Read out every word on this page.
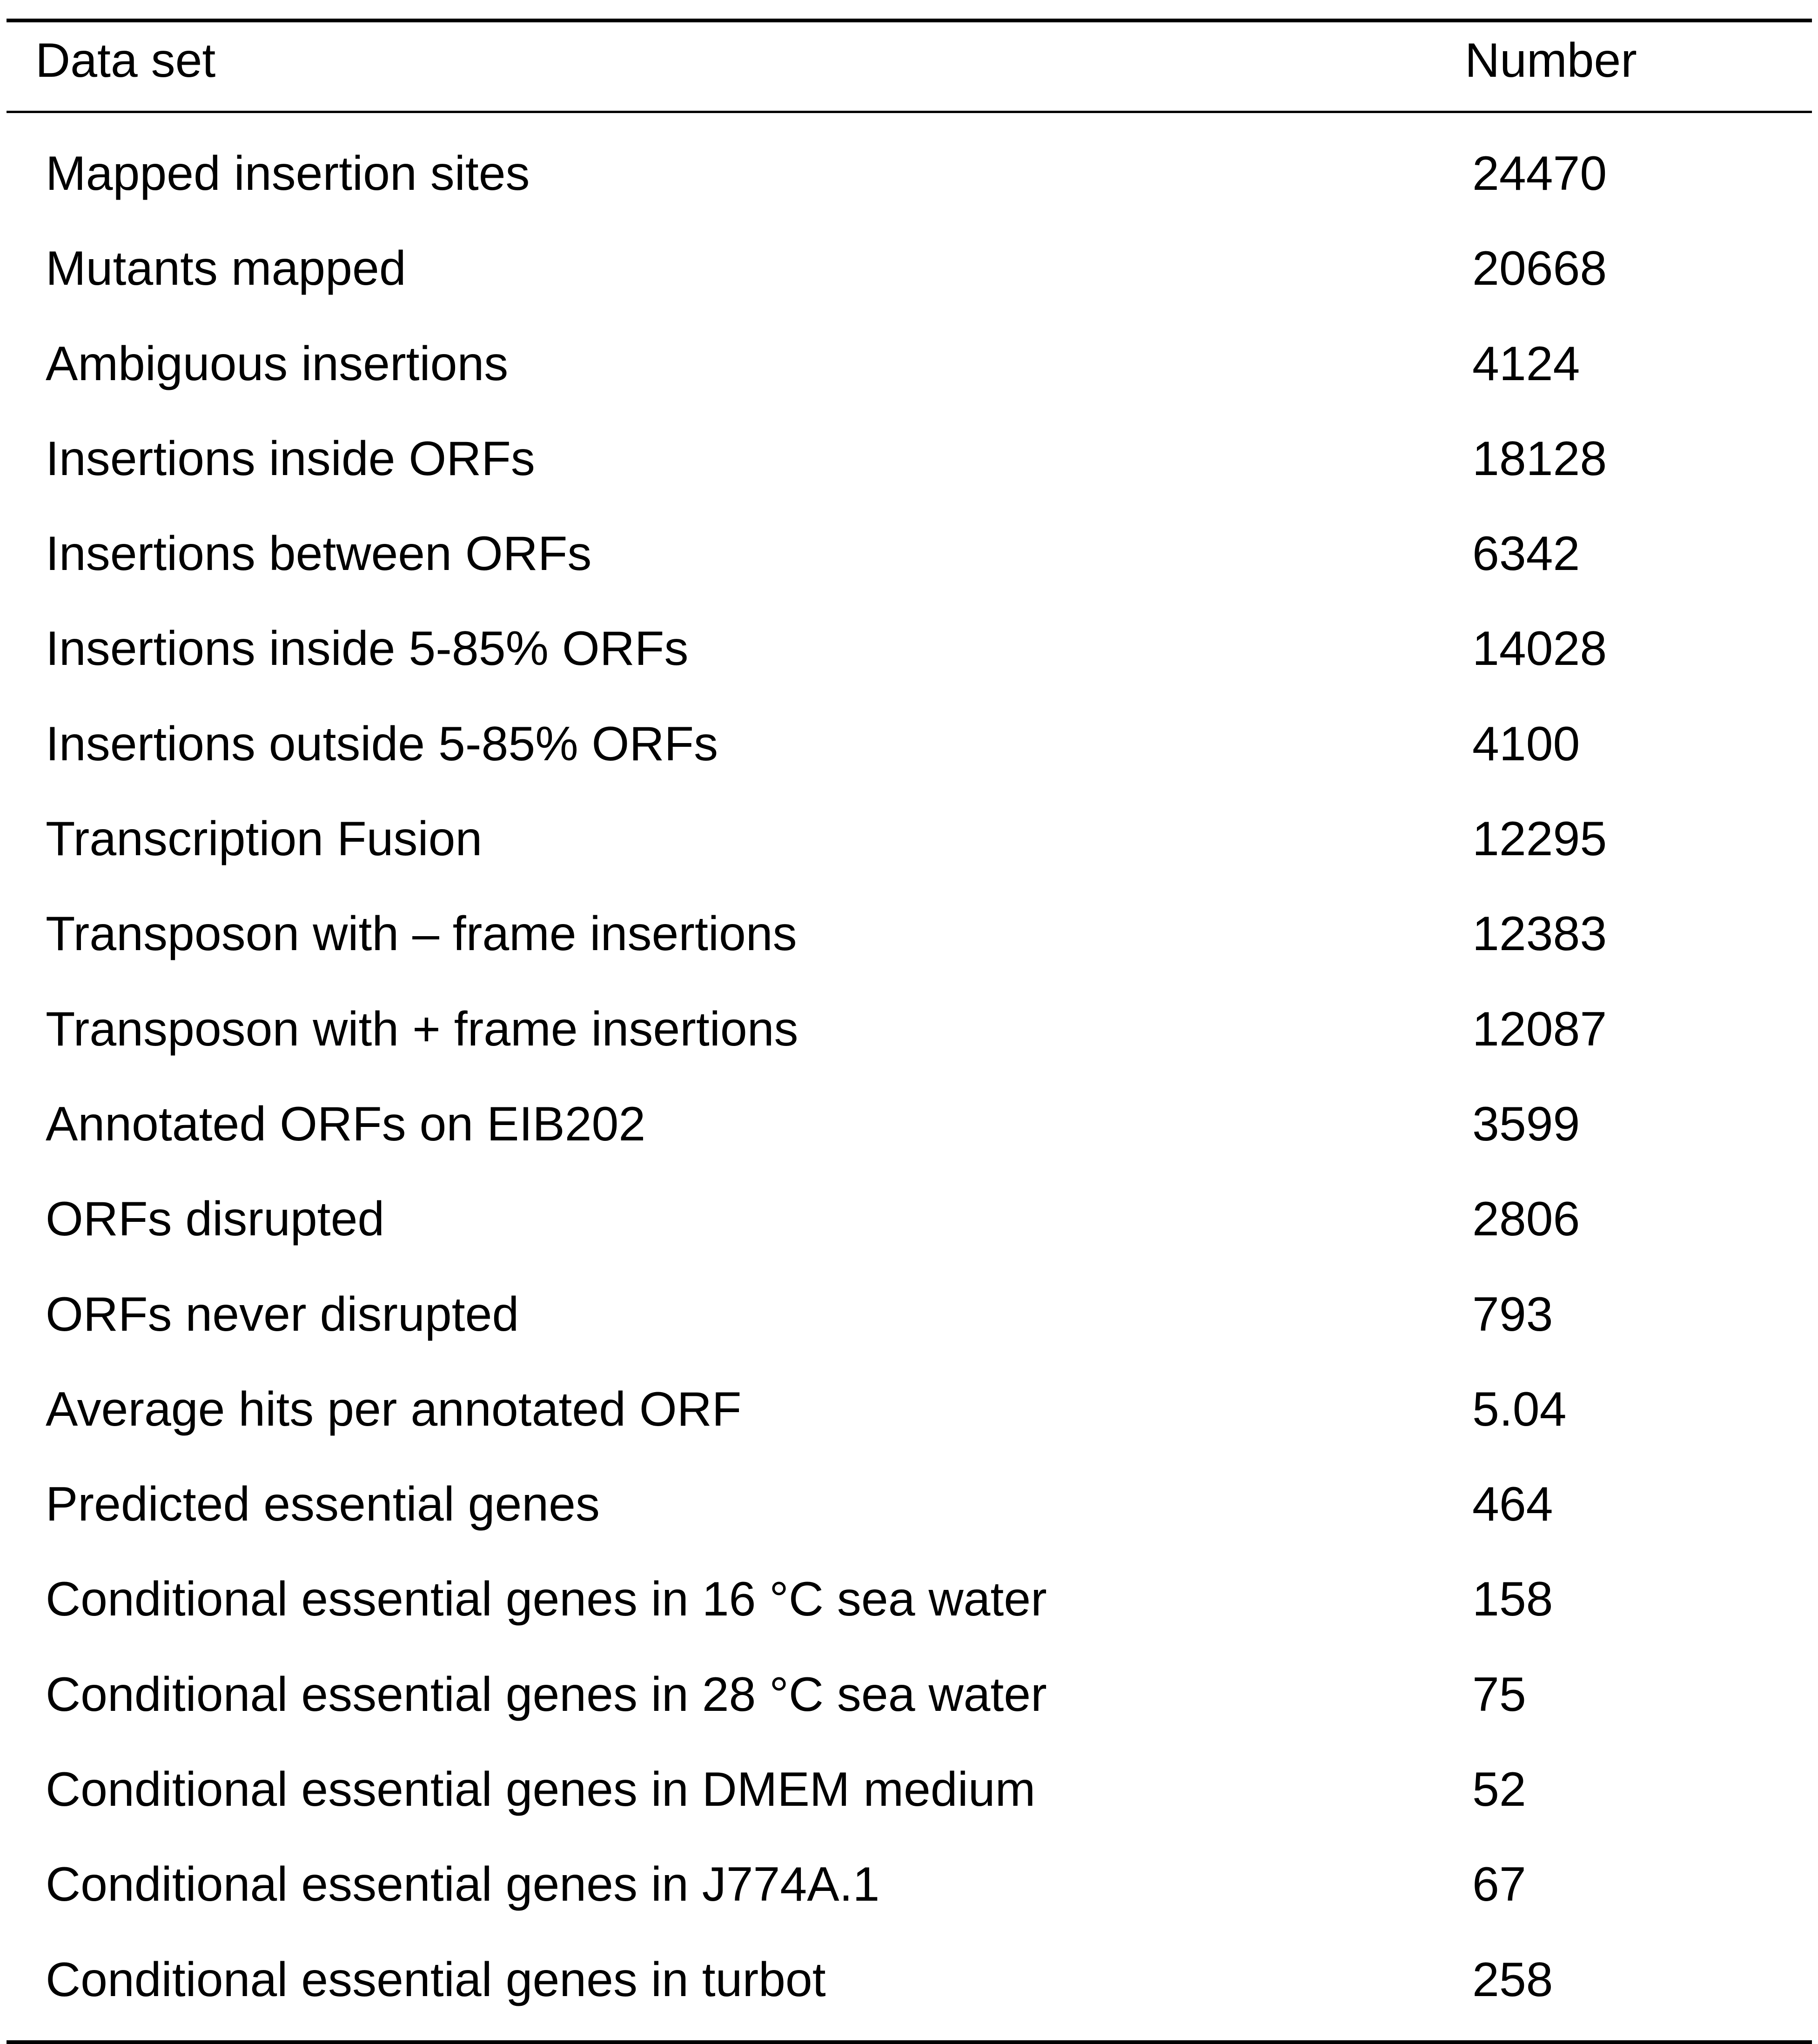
Data set	Number
Mapped insertion sites	24470
Mutants mapped	20668
Ambiguous insertions	4124
Insertions inside ORFs	18128
Insertions between ORFs	6342
Insertions inside 5-85% ORFs	14028
Insertions outside 5-85% ORFs	4100
Transcription Fusion	12295
Transposon with – frame insertions	12383
Transposon with + frame insertions	12087
Annotated ORFs on EIB202	3599
ORFs disrupted	2806
ORFs never disrupted	793
Average hits per annotated ORF	5.04
Predicted essential genes	464
Conditional essential genes in 16 °C sea water	158
Conditional essential genes in 28 °C sea water	75
Conditional essential genes in DMEM medium	52
Conditional essential genes in J774A.1	67
Conditional essential genes in turbot	258
